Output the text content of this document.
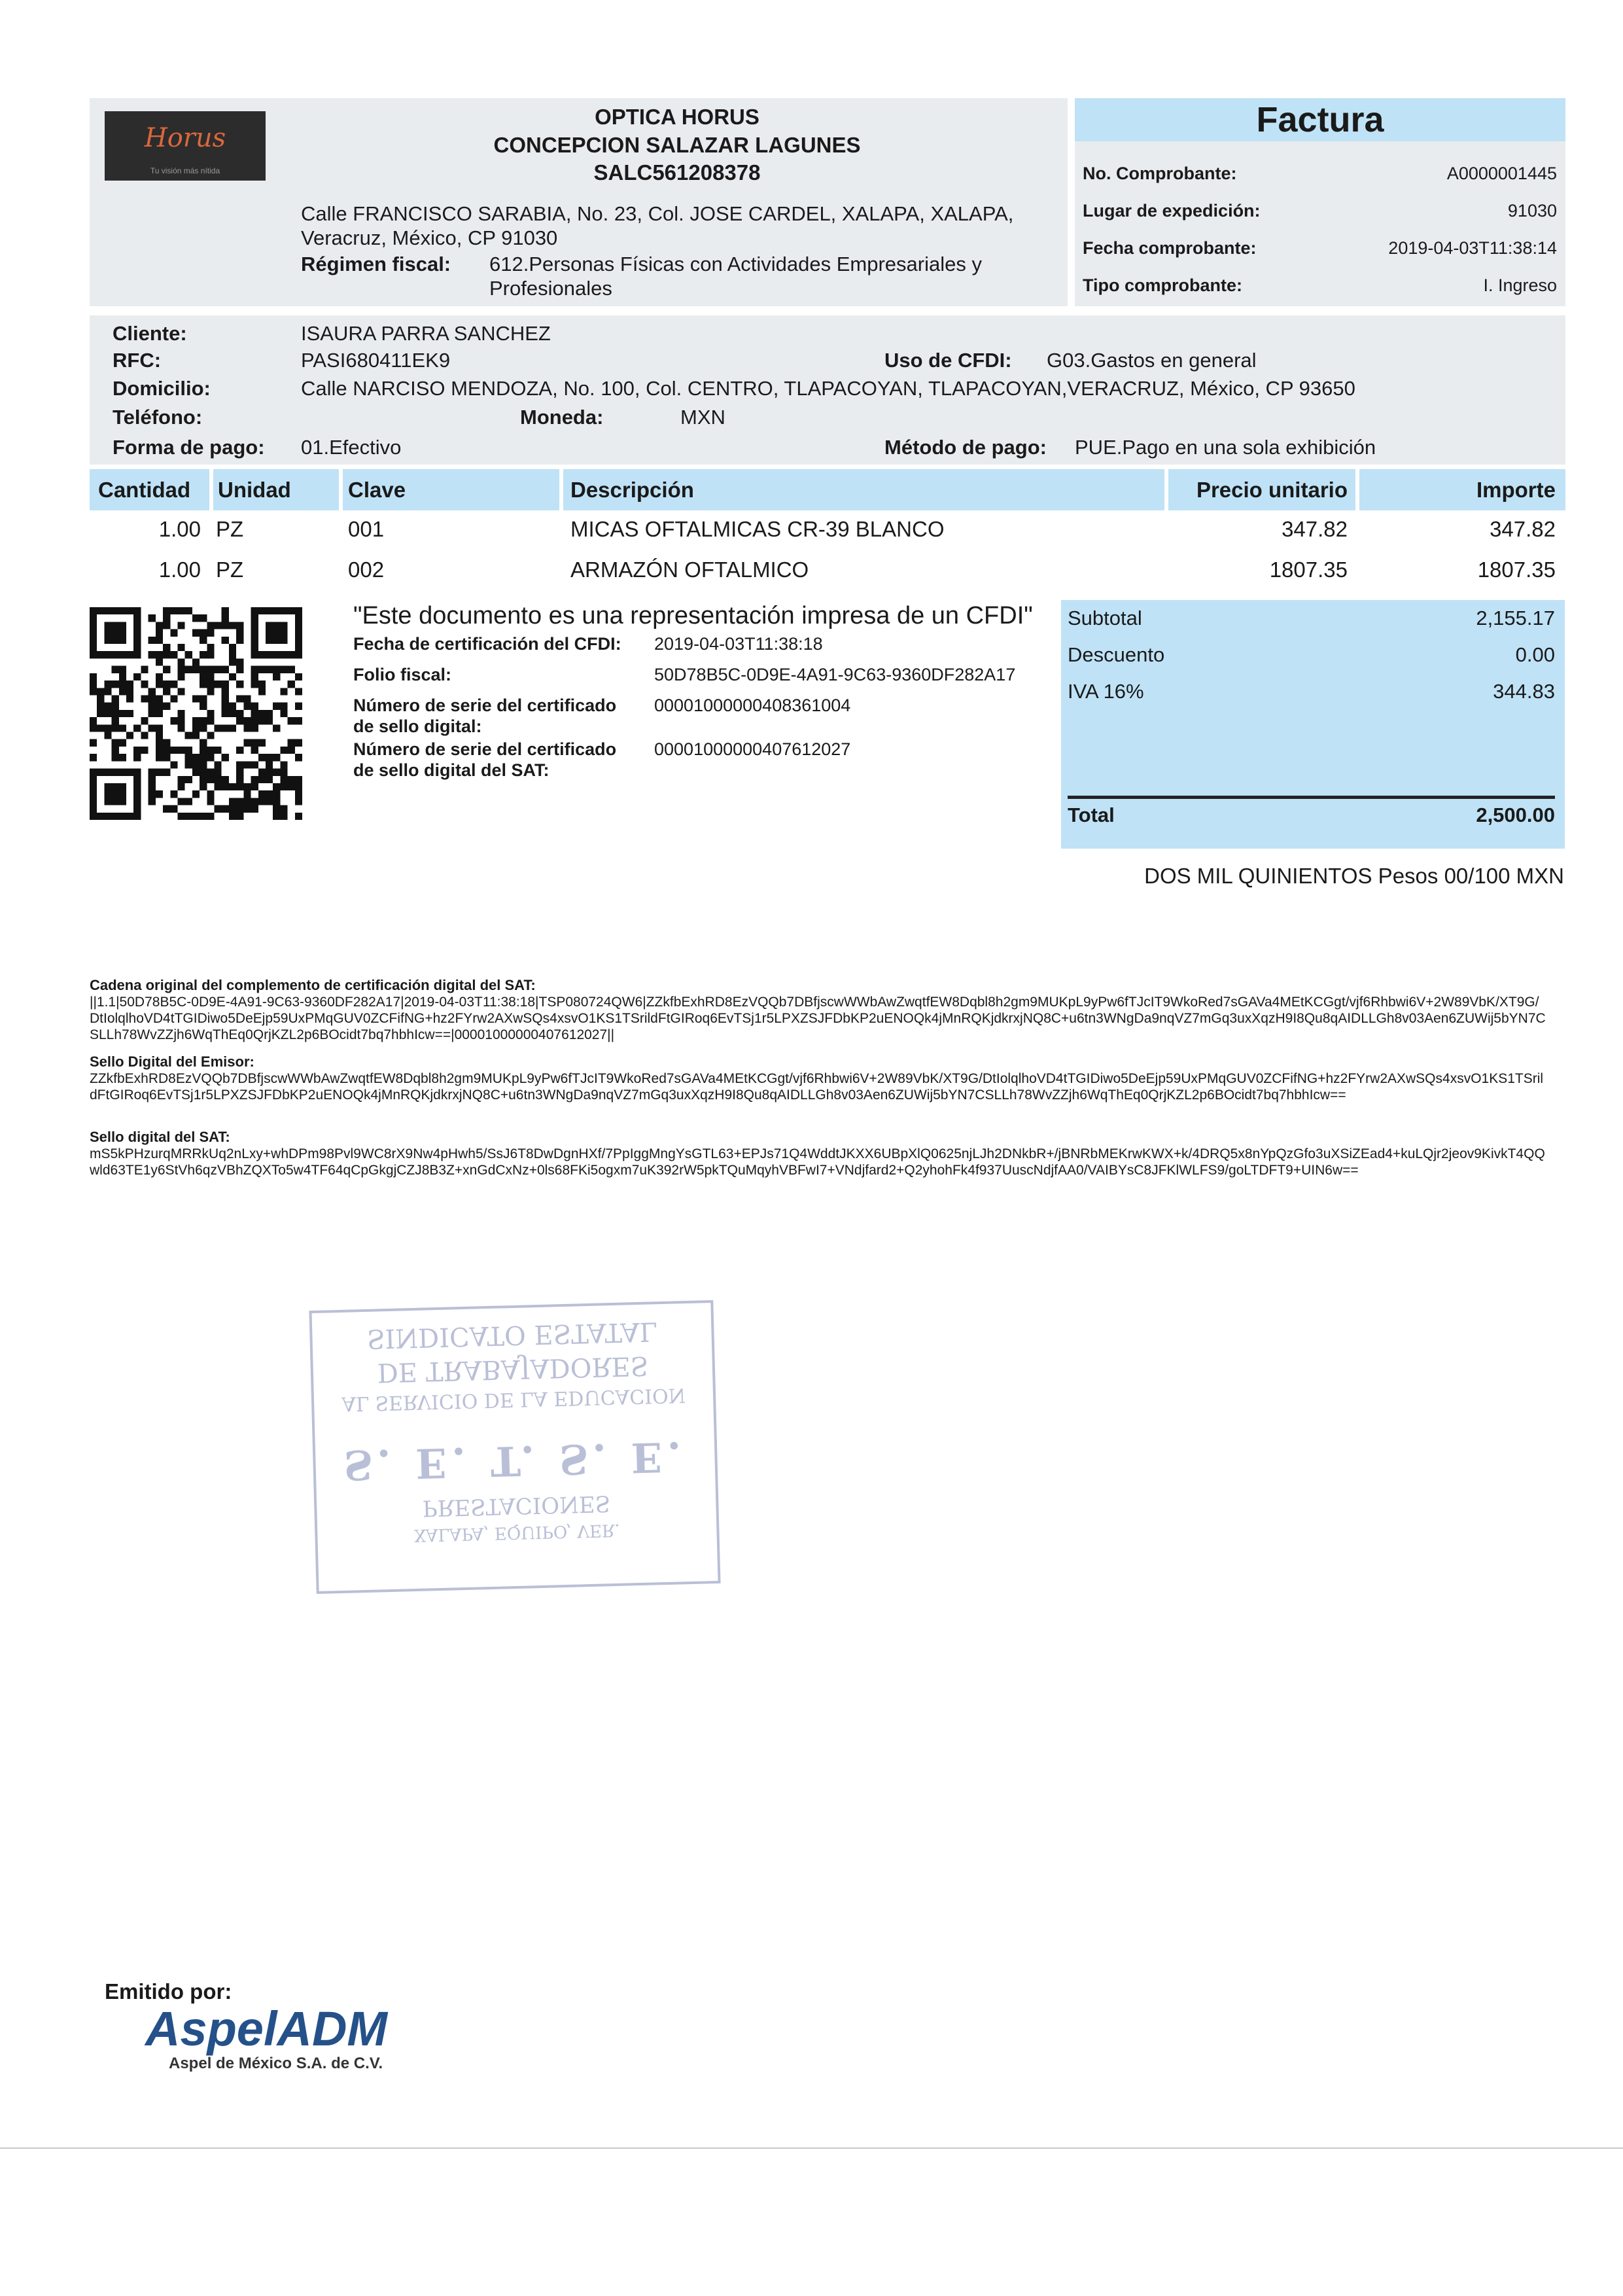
Horus
Tu visión más nítida
OPTICA HORUS
CONCEPCION SALAZAR LAGUNES
SALC561208378
Calle FRANCISCO SARABIA, No. 23, Col. JOSE CARDEL, XALAPA, XALAPA,
Veracruz, México, CP 91030
Régimen fiscal:	612.Personas Físicas con Actividades Empresariales y
Profesionales
Factura
No. Comprobante:	A0000001445
Lugar de expedición:	91030
Fecha comprobante:	2019-04-03T11:38:14
Tipo comprobante:	I. Ingreso
Cliente:	ISAURA PARRA SANCHEZ
RFC:	PASI680411EK9	Uso de CFDI: G03.Gastos en general
Domicilio:	Calle NARCISO MENDOZA, No. 100, Col. CENTRO, TLAPACOYAN, TLAPACOYAN,VERACRUZ, México, CP 93650
Teléfono:	Moneda:	MXN
Forma de pago: 01.Efectivo	Método de pago: PUE.Pago en una sola exhibición
Cantidad Unidad	Clave	Descripción	Precio unitario	Importe
1.00 PZ	001	MICAS OFTALMICAS CR-39 BLANCO	347.82	347.82
1.00 PZ	002	ARMAZÓN OFTALMICO	1807.35	1807.35
"Este documento es una representación impresa de un CFDI"
Fecha de certificación del CFDI: 2019-04-03T11:38:18
Folio fiscal:	50D78B5C-0D9E-4A91-9C63-9360DF282A17
Número de serie del certificado
de sello digital:
00001000000408361004
Número de serie del certificado
de sello digital del SAT:
00001000000407612027
Subtotal	2,155.17
Descuento	0.00
IVA 16%	344.83
Total	2,500.00
DOS MIL QUINIENTOS Pesos 00/100 MXN
Cadena original del complemento de certificación digital del SAT:
||1.1|50D78B5C-0D9E-4A91-9C63-9360DF282A17|2019-04-03T11:38:18|TSP080724QW6|ZZkfbExhRD8EzVQQb7DBfjscwWWbAwZwqtfEW8Dqbl8h2gm9MUKpL9yPw6fTJcIT9WkoRed7sGAVa4MEtKCGgt/vjf6Rhbwi6V+2W89VbK/XT9G/DtIolqlhoVD4tTGIDiwo5DeEjp59UxPMqGUV0ZCFifNG+hz2FYrw2AXwSQs4xsvO1KS1TSrildFtGIRoq6EvTSj1r5LPXZSJFDbKP2uENOQk4jMnRQKjdkrxjNQ8C+u6tn3WNgDa9nqVZ7mGq3uxXqzH9I8Qu8qAIDLLGh8v03Aen6ZUWij5bYN7CSLLh78WvZZjh6WqThEq0QrjKZL2p6BOcidt7bq7hbhIcw==|00001000000407612027||
Sello Digital del Emisor:
ZZkfbExhRD8EzVQQb7DBfjscwWWbAwZwqtfEW8Dqbl8h2gm9MUKpL9yPw6fTJcIT9WkoRed7sGAVa4MEtKCGgt/vjf6Rhbwi6V+2W89VbK/XT9G/DtIolqlhoVD4tTGIDiwo5DeEjp59UxPMqGUV0ZCFifNG+hz2FYrw2AXwSQs4xsvO1KS1TSrildFtGIRoq6EvTSj1r5LPXZSJFDbKP2uENOQk4jMnRQKjdkrxjNQ8C+u6tn3WNgDa9nqVZ7mGq3uxXqzH9I8Qu8qAIDLLGh8v03Aen6ZUWij5bYN7CSLLh78WvZZjh6WqThEq0QrjKZL2p6BOcidt7bq7hbhIcw==
Sello digital del SAT:
mS5kPHzurqMRRkUq2nLxy+whDPm98Pvl9WC8rX9Nw4pHwh5/SsJ6T8DwDgnHXf/7PpIggMngYsGTL63+EPJs71Q4WddtJKXX6UBpXlQ0625njLJh2DNkbR+/jBNRbMEKrwKWX+k/4DRQ5x8nYpQzGfo3uXSiZEad4+kuLQjr2jeov9KivkT4QQwld63TE1y6StVh6qzVBhZQXTo5w4TF64qCpGkgjCZJ8B3Z+xnGdCxNz+0ls68FKi5ogxm7uK392rW5pkTQuMqyhVBFwI7+VNdjfard2+Q2yhohFk4f937UuscNdjfAA0/VAIBYsC8JFKlWLFS9/goLTDFT9+UIN6w==
SINDICATO ESTATAL
DE TRABAJADORES
AL SERVICIO DE LA EDUCACION
S. E. T. S. E.
PRESTACIONES
XALAPA, EQUIPO, VER.
Emitido por:
AspelADM
Aspel de México S.A. de C.V.
